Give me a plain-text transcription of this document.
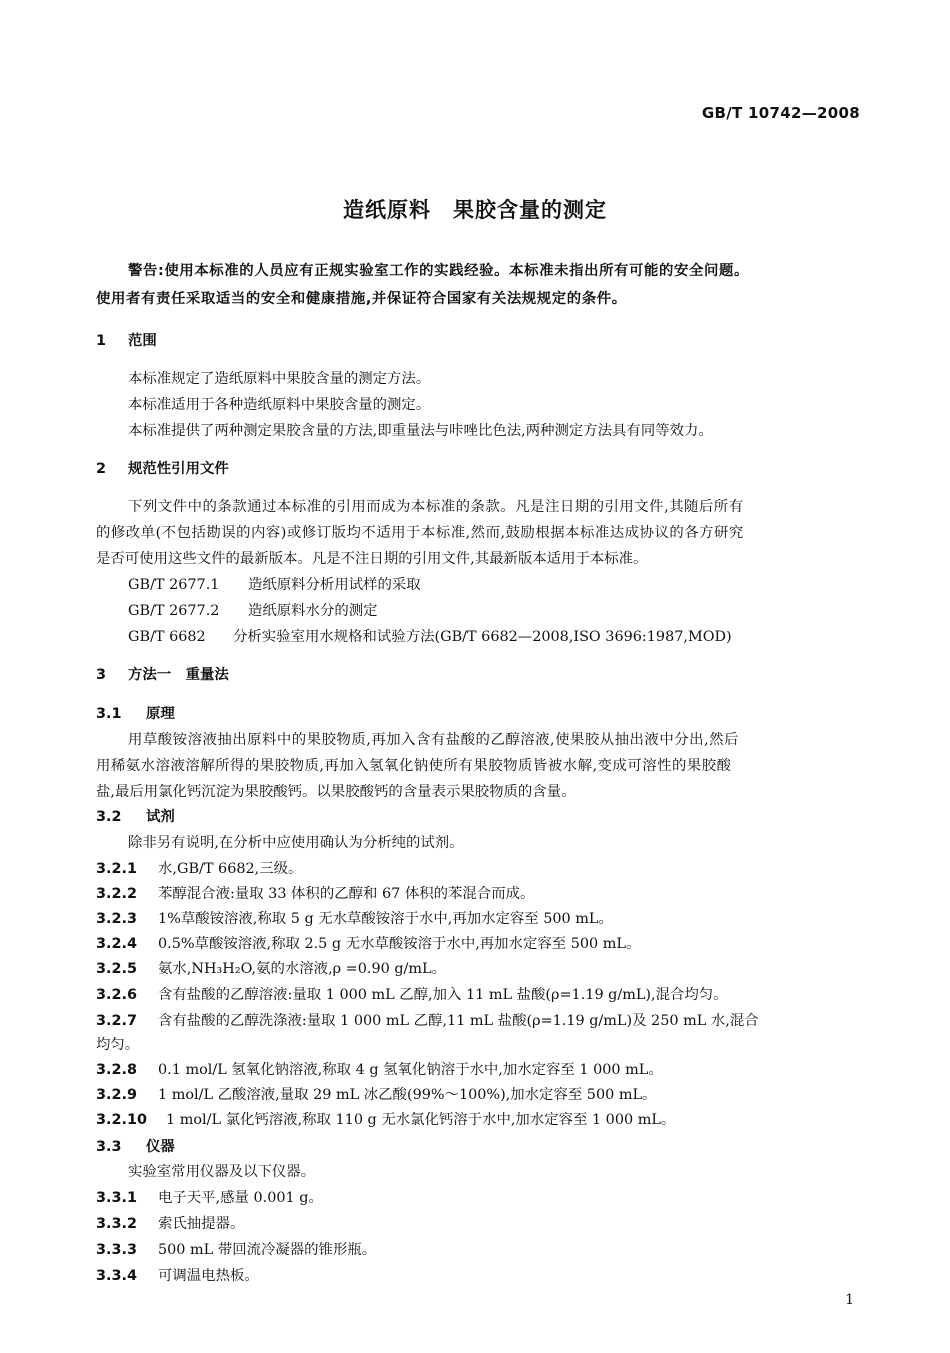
GB/T 10742—2008
造纸原料　果胶含量的测定
警告:使用本标准的人员应有正规实验室工作的实践经验。本标准未指出所有可能的安全问题。
使用者有责任采取适当的安全和健康措施,并保证符合国家有关法规规定的条件。
1 范围
本标准规定了造纸原料中果胶含量的测定方法。
本标准适用于各种造纸原料中果胶含量的测定。
本标准提供了两种测定果胶含量的方法,即重量法与咔唑比色法,两种测定方法具有同等效力。
2 规范性引用文件
下列文件中的条款通过本标准的引用而成为本标准的条款。凡是注日期的引用文件,其随后所有
的修改单(不包括勘误的内容)或修订版均不适用于本标准,然而,鼓励根据本标准达成协议的各方研究
是否可使用这些文件的最新版本。凡是不注日期的引用文件,其最新版本适用于本标准。
GB/T 2677.1 造纸原料分析用试样的采取
GB/T 2677.2 造纸原料水分的测定
GB/T 6682 分析实验室用水规格和试验方法(GB/T 6682—2008,ISO 3696:1987,MOD)
3 方法一　重量法
3.1 原理
用草酸铵溶液抽出原料中的果胶物质,再加入含有盐酸的乙醇溶液,使果胶从抽出液中分出,然后
用稀氨水溶液溶解所得的果胶物质,再加入氢氧化钠使所有果胶物质皆被水解,变成可溶性的果胶酸
盐,最后用氯化钙沉淀为果胶酸钙。以果胶酸钙的含量表示果胶物质的含量。
3.2 试剂
除非另有说明,在分析中应使用确认为分析纯的试剂。
3.2.1 水,GB/T 6682,三级。
3.2.2 苯醇混合液:量取 33 体积的乙醇和 67 体积的苯混合而成。
3.2.3 1%草酸铵溶液,称取 5 g 无水草酸铵溶于水中,再加水定容至 500 mL。
3.2.4 0.5%草酸铵溶液,称取 2.5 g 无水草酸铵溶于水中,再加水定容至 500 mL。
3.2.5 氨水,NH₃H₂O,氨的水溶液,ρ =0.90 g/mL。
3.2.6 含有盐酸的乙醇溶液:量取 1 000 mL 乙醇,加入 11 mL 盐酸(ρ=1.19 g/mL),混合均匀。
3.2.7 含有盐酸的乙醇洗涤液:量取 1 000 mL 乙醇,11 mL 盐酸(ρ=1.19 g/mL)及 250 mL 水,混合
均匀。
3.2.8 0.1 mol/L 氢氧化钠溶液,称取 4 g 氢氧化钠溶于水中,加水定容至 1 000 mL。
3.2.9 1 mol/L 乙酸溶液,量取 29 mL 冰乙酸(99%～100%),加水定容至 500 mL。
3.2.10 1 mol/L 氯化钙溶液,称取 110 g 无水氯化钙溶于水中,加水定容至 1 000 mL。
3.3 仪器
实验室常用仪器及以下仪器。
3.3.1 电子天平,感量 0.001 g。
3.3.2 索氏抽提器。
3.3.3 500 mL 带回流冷凝器的锥形瓶。
3.3.4 可调温电热板。
1
